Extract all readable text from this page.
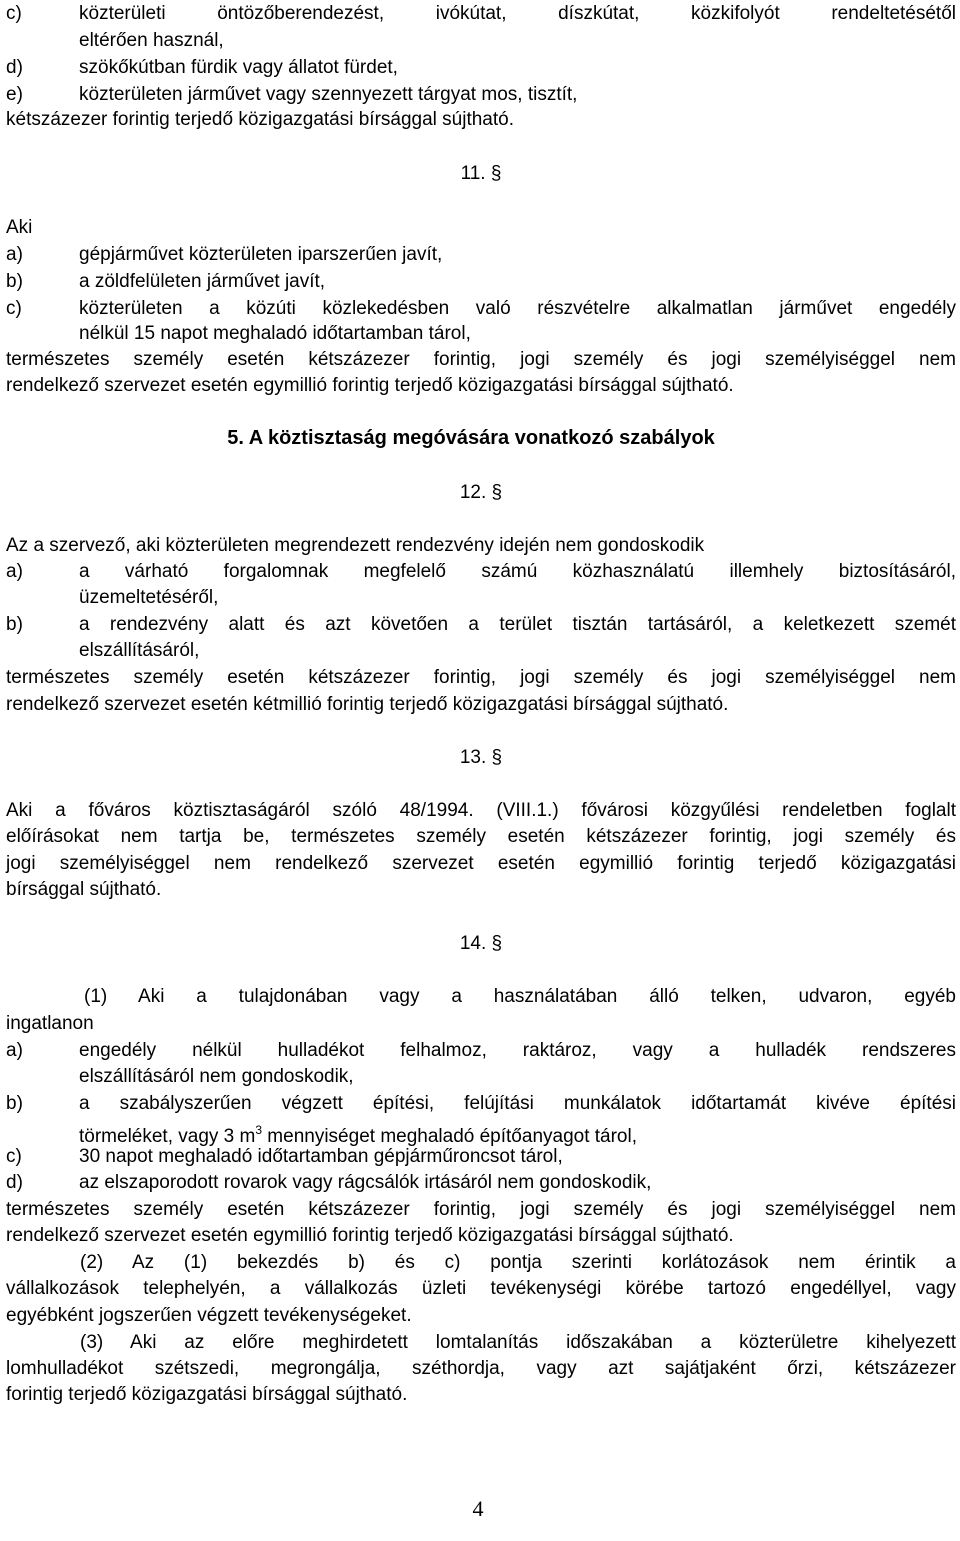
c)	közterületi öntözőberendezést, ivókútat, díszkútat, közkifolyót rendeltetésétől
eltérően használ,
d)	szökőkútban fürdik vagy állatot fürdet,
e)	közterületen járművet vagy szennyezett tárgyat mos, tisztít,
kétszázezer forintig terjedő közigazgatási bírsággal sújtható.
11. §
Aki
a)	gépjárművet közterületen iparszerűen javít,
b)	a zöldfelületen járművet javít,
c)	közterületen a közúti közlekedésben való részvételre alkalmatlan járművet engedély
nélkül 15 napot meghaladó időtartamban tárol,
természetes személy esetén kétszázezer forintig, jogi személy és jogi személyiséggel nem
rendelkező szervezet esetén egymillió forintig terjedő közigazgatási bírsággal sújtható.
5. A köztisztaság megóvására vonatkozó szabályok
12. §
Az a szervező, aki közterületen megrendezett rendezvény idején nem gondoskodik
a)	a várható forgalomnak megfelelő számú közhasználatú illemhely biztosításáról,
üzemeltetéséről,
b)	a rendezvény alatt és azt követően a terület tisztán tartásáról, a keletkezett szemét
elszállításáról,
természetes személy esetén kétszázezer forintig, jogi személy és jogi személyiséggel nem
rendelkező szervezet esetén kétmillió forintig terjedő közigazgatási bírsággal sújtható.
13. §
Aki a főváros köztisztaságáról szóló 48/1994. (VIII.1.) fővárosi közgyűlési rendeletben foglalt
előírásokat nem tartja be, természetes személy esetén kétszázezer forintig, jogi személy és
jogi személyiséggel nem rendelkező szervezet esetén egymillió forintig terjedő közigazgatási
bírsággal sújtható.
14. §
(1) Aki a tulajdonában vagy a használatában álló telken, udvaron, egyéb
ingatlanon
a)	engedély nélkül hulladékot felhalmoz, raktároz, vagy a hulladék rendszeres
elszállításáról nem gondoskodik,
b)	a szabályszerűen végzett építési, felújítási munkálatok időtartamát kivéve építési
törmeléket, vagy 3 $m^3$ mennyiséget meghaladó építőanyagot tárol,
c)	30 napot meghaladó időtartamban gépjárműroncsot tárol,
d)	az elszaporodott rovarok vagy rágcsálók irtásáról nem gondoskodik,
természetes személy esetén kétszázezer forintig, jogi személy és jogi személyiséggel nem
rendelkező szervezet esetén egymillió forintig terjedő közigazgatási bírsággal sújtható.
(2) Az (1) bekezdés b) és c) pontja szerinti korlátozások nem érintik a
vállalkozások telephelyén, a vállalkozás üzleti tevékenységi körébe tartozó engedéllyel, vagy
egyébként jogszerűen végzett tevékenységeket.
(3) Aki az előre meghirdetett lomtalanítás időszakában a közterületre kihelyezett
lomhulladékot szétszedi, megrongálja, széthordja, vagy azt sajátjaként őrzi, kétszázezer
forintig terjedő közigazgatási bírsággal sújtható.
4
